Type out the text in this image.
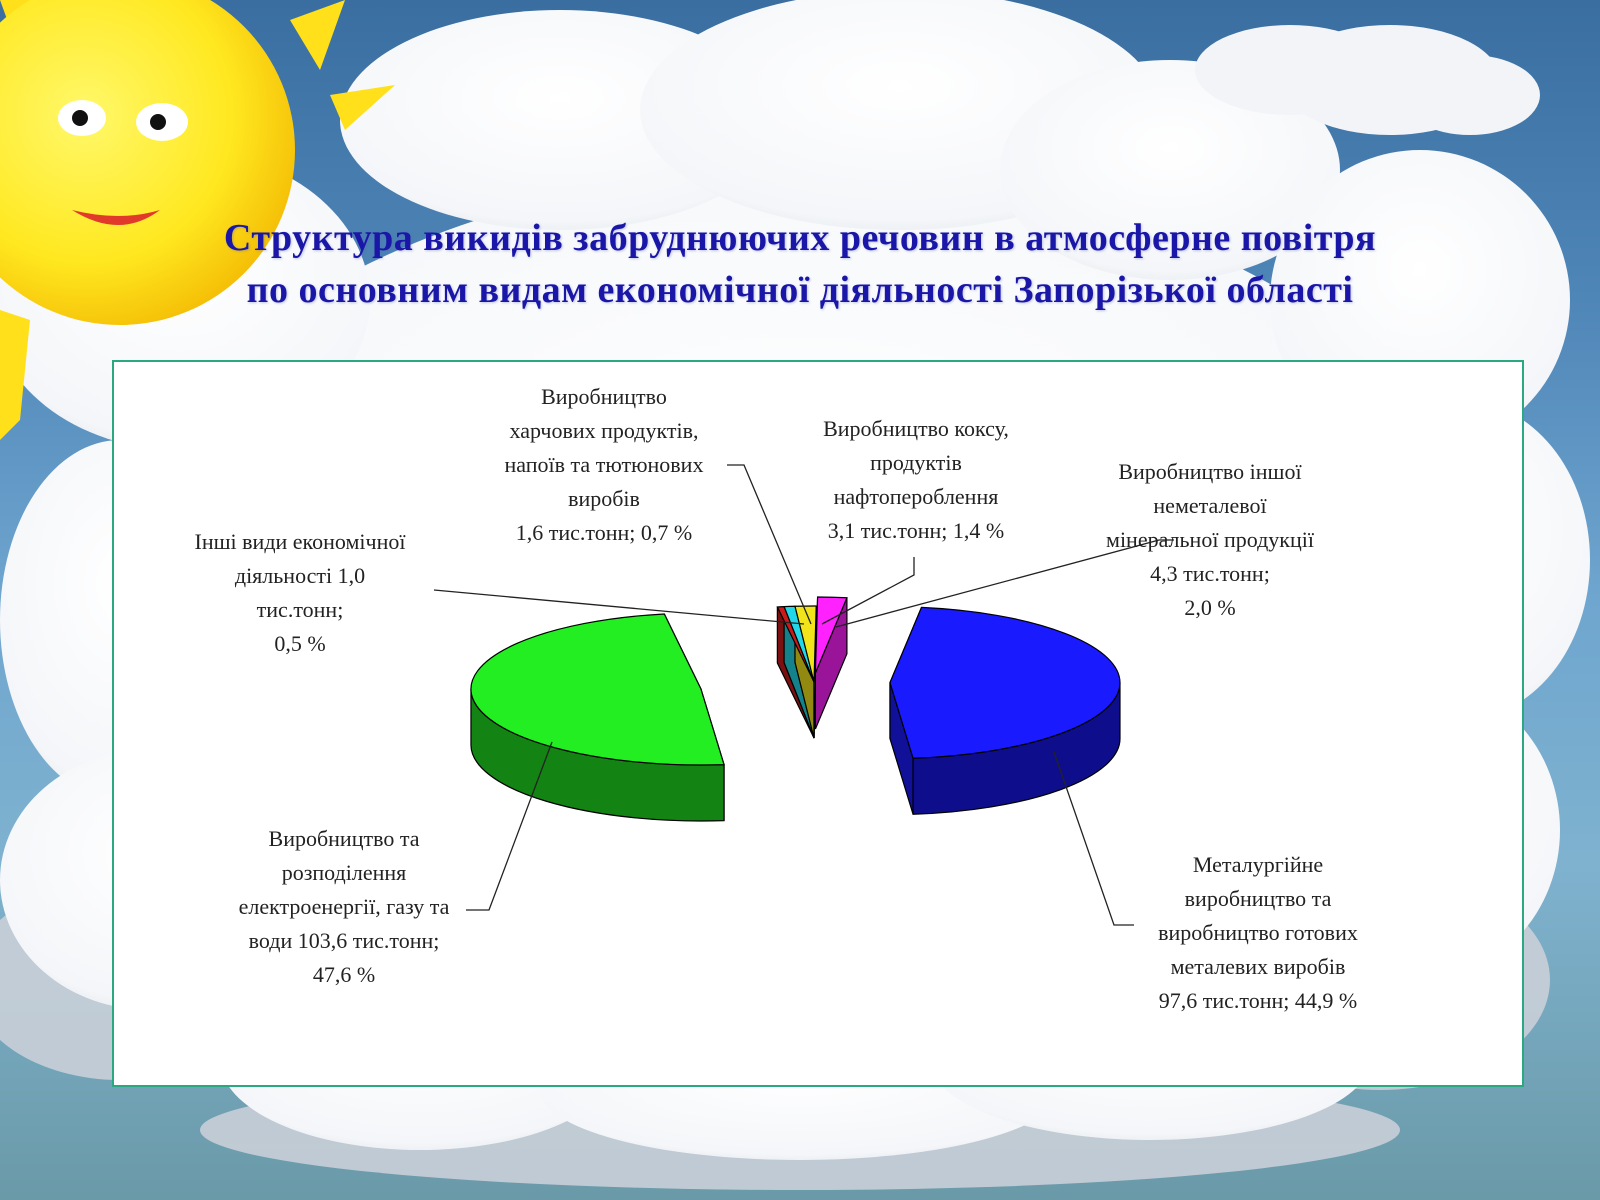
Структура викидів забруднюючих речовин в атмосферне повітря
по основним видам економічної діяльності Запорізької області
Металургійне виробництво та виробництво готових металевих виробів 97,6 тис.тонн; 44,9 %
Виробництво та розподілення електроенергії, газу та води 103,6 тис.тонн; 47,6 %
Інші види економічної діяльності 1,0 тис.тонн; 0,5 %
Виробництво харчових продуктів, напоїв та тютюнових виробів 1,6 тис.тонн; 0,7 %
Виробництво коксу, продуктів нафтопероблення 3,1 тис.тонн; 1,4 %
Виробництво іншої неметалевої мінеральної продукції 4,3 тис.тонн; 2,0 %
